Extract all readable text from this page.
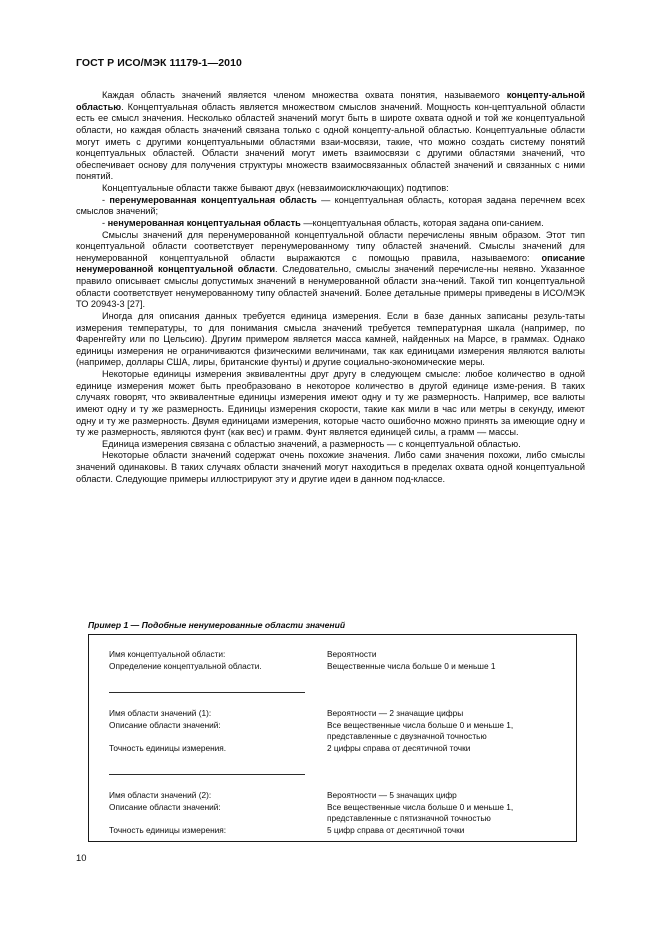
ГОСТ Р ИСО/МЭК 11179-1—2010

Каждая область значений является членом множества охвата понятия, называемого концепту-альной областью. Концептуальная область является множеством смыслов значений. Мощность кон-цептуальной области есть ее смысл значения. Несколько областей значений могут быть в широте охвата одной и той же концептуальной области, но каждая область значений связана только с одной концепту-альной областью. Концептуальные области могут иметь с другими концептуальными областями взаи-мосвязи, такие, что можно создать систему понятий концептуальных областей. Области значений могут иметь взаимосвязи с другими областями значений, что обеспечивает основу для получения структуры множеств взаимосвязанных областей значений и связанных с ними понятий.

Концептуальные области также бывают двух (невзаимоисключающих) подтипов:

- перенумерованная концептуальная область — концептуальная область, которая задана перечнем всех смыслов значений;

- ненумерованная концептуальная область —концептуальная область, которая задана опи-санием.

Смыслы значений для перенумерованной концептуальной области перечислены явным образом. Этот тип концептуальной области соответствует перенумерованному типу областей значений. Смыслы значений для ненумерованной концептуальной области выражаются с помощью правила, называемого: описание ненумерованной концептуальной области. Следовательно, смыслы значений перечисле-ны неявно. Указанное правило описывает смыслы допустимых значений в ненумерованной области зна-чений. Такой тип концептуальной области соответствует ненумерованному типу областей значений. Более детальные примеры приведены в ИСО/МЭК ТО 20943-3 [27].

Иногда для описания данных требуется единица измерения. Если в базе данных записаны резуль-таты измерения температуры, то для понимания смысла значений требуется температурная шкала (например, по Фаренгейту или по Цельсию). Другим примером является масса камней, найденных на Марсе, в граммах. Однако единицы измерения не ограничиваются физическими величинами, так как единицами измерения являются валюты (например, доллары США, лиры, британские фунты) и другие социально-экономические меры.

Некоторые единицы измерения эквивалентны друг другу в следующем смысле: любое количество в одной единице измерения может быть преобразовано в некоторое количество в другой единице изме-рения. В таких случаях говорят, что эквивалентные единицы измерения имеют одну и ту же размерность. Например, все валюты имеют одну и ту же размерность. Единицы измерения скорости, такие как мили в час или метры в секунду, имеют одну и ту же размерность. Двумя единицами измерения, которые часто ошибочно можно принять за имеющие одну и ту же размерность, являются фунт (как вес) и грамм. Фунт является единицей силы, а грамм — массы.

Единица измерения связана с областью значений, а размерность — с концептуальной областью.

Некоторые области значений содержат очень похожие значения. Либо сами значения похожи, либо смыслы значений одинаковы. В таких случаях области значений могут находиться в пределах охвата одной концептуальной области. Следующие примеры иллюстрируют эту и другие идеи в данном под-классе.

Пример 1 — Подобные ненумерованные области значений
Имя концептуальной области:	Вероятности
Определение концептуальной области.	Вещественные числа больше 0 и меньше 1
Имя области значений (1):	Вероятности — 2 значащие цифры
Описание области значений:	Все вещественные числа больше 0 и меньше 1,
представленные с двузначной точностью
Точность единицы измерения.	2 цифры справа от десятичной точки
Имя области значений (2):	Вероятности — 5 значащих цифр
Описание области значений:	Все вещественные числа больше 0 и меньше 1,
представленные с пятизначной точностью
Точность единицы измерения:	5 цифр справа от десятичной точки
10
